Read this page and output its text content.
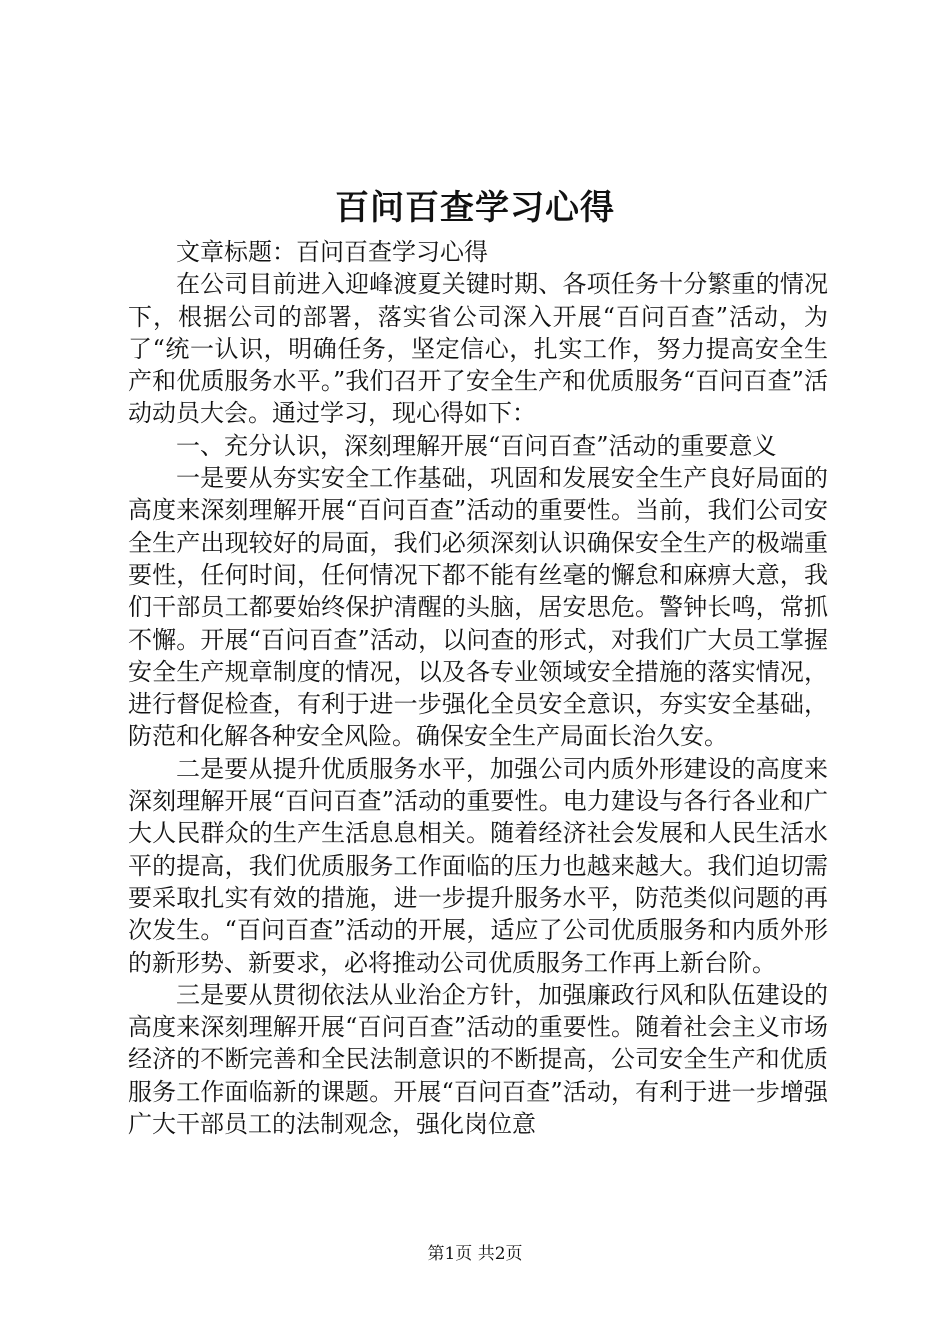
百问百查学习心得

文章标题：百问百查学习心得

在公司目前进入迎峰渡夏关键时期、各项任务十分繁重的情况下，根据公司的部署，落实省公司深入开展“百问百查”活动，为了“统一认识，明确任务，坚定信心，扎实工作，努力提高安全生产和优质服务水平。”我们召开了安全生产和优质服务“百问百查”活动动员大会。通过学习，现心得如下：

一、充分认识，深刻理解开展“百问百查”活动的重要意义

一是要从夯实安全工作基础，巩固和发展安全生产良好局面的高度来深刻理解开展“百问百查”活动的重要性。当前，我们公司安全生产出现较好的局面，我们必须深刻认识确保安全生产的极端重要性，任何时间，任何情况下都不能有丝毫的懈怠和麻痹大意，我们干部员工都要始终保护清醒的头脑，居安思危。警钟长鸣，常抓不懈。开展“百问百查”活动，以问查的形式，对我们广大员工掌握安全生产规章制度的情况，以及各专业领域安全措施的落实情况，进行督促检查，有利于进一步强化全员安全意识，夯实安全基础，防范和化解各种安全风险。确保安全生产局面长治久安。

二是要从提升优质服务水平，加强公司内质外形建设的高度来深刻理解开展“百问百查”活动的重要性。电力建设与各行各业和广大人民群众的生产生活息息相关。随着经济社会发展和人民生活水平的提高，我们优质服务工作面临的压力也越来越大。我们迫切需要采取扎实有效的措施，进一步提升服务水平，防范类似问题的再次发生。“百问百查”活动的开展，适应了公司优质服务和内质外形的新形势、新要求，必将推动公司优质服务工作再上新台阶。

三是要从贯彻依法从业治企方针，加强廉政行风和队伍建设的高度来深刻理解开展“百问百查”活动的重要性。随着社会主义市场经济的不断完善和全民法制意识的不断提高，公司安全生产和优质服务工作面临新的课题。开展“百问百查”活动，有利于进一步增强广大干部员工的法制观念，强化岗位意

第1页 共2页
